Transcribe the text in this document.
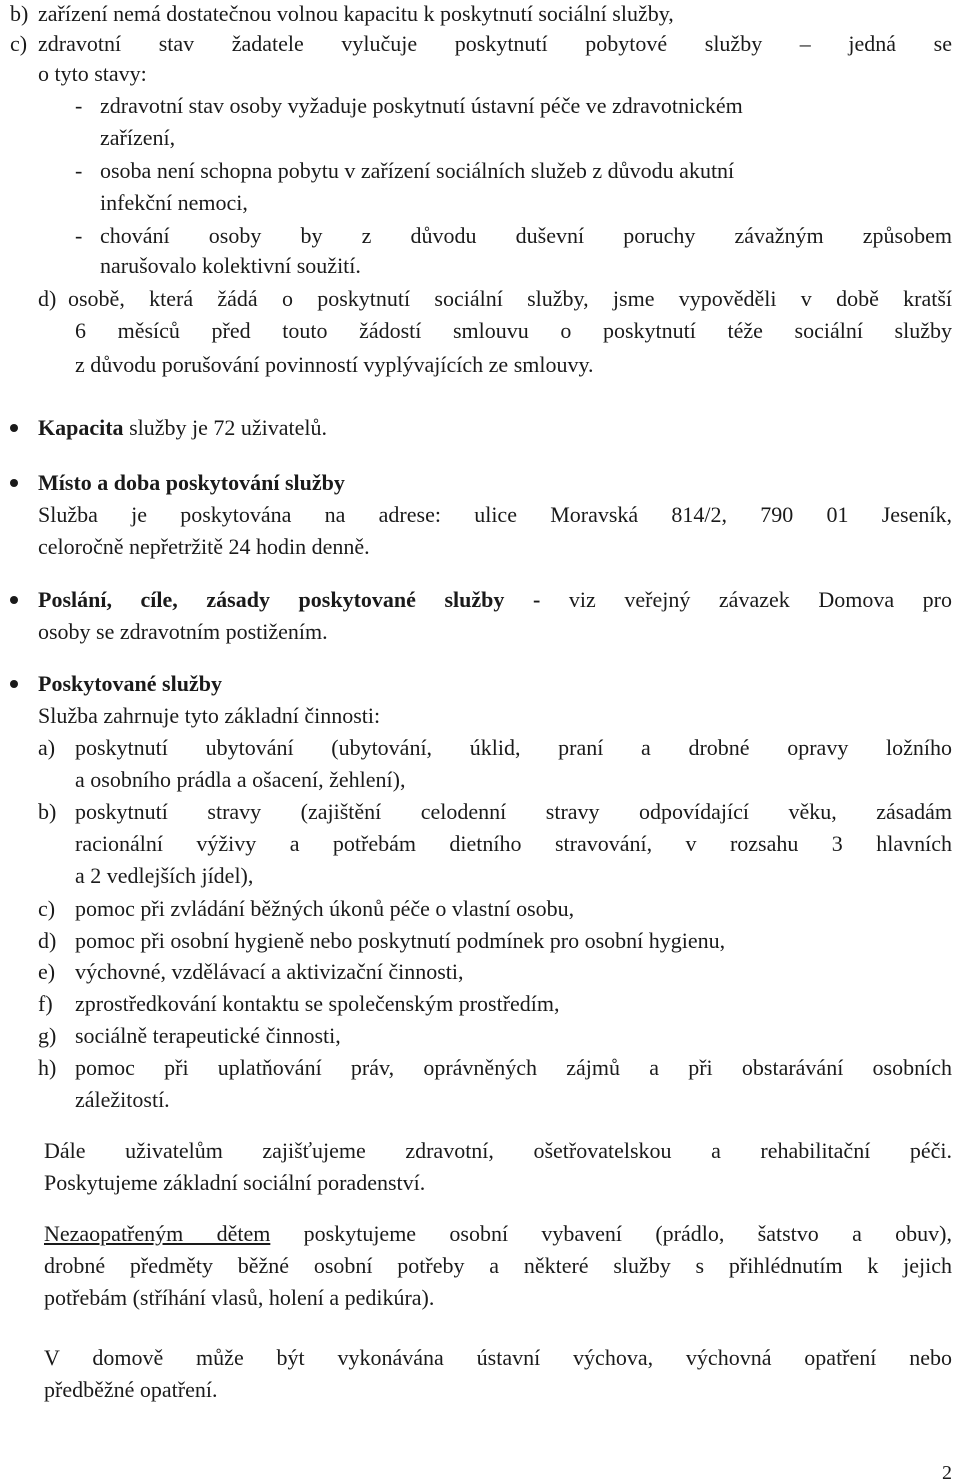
b) zařízení nemá dostatečnou volnou kapacitu k poskytnutí sociální služby,
c) zdravotní stav žadatele vylučuje poskytnutí pobytové služby – jedná se
o tyto stavy:
- zdravotní stav osoby vyžaduje poskytnutí ústavní péče ve zdravotnickém
zařízení,
- osoba není schopna pobytu v zařízení sociálních služeb z důvodu akutní
infekční nemoci,
- chování osoby by z důvodu duševní poruchy závažným způsobem
narušovalo kolektivní soužití.
d) osobě, která žádá o poskytnutí sociální služby, jsme vypověděli v době kratší
6 měsíců před touto žádostí smlouvu o poskytnutí téže sociální služby
z důvodu porušování povinností vyplývajících ze smlouvy.
Kapacita služby je 72 uživatelů.
Místo a doba poskytování služby
Služba je poskytována na adrese: ulice Moravská 814/2, 790 01 Jeseník,
celoročně nepřetržitě 24 hodin denně.
Poslání, cíle, zásady poskytované služby - viz veřejný závazek Domova pro
osoby se zdravotním postižením.
Poskytované služby
Služba zahrnuje tyto základní činnosti:
a) poskytnutí ubytování (ubytování, úklid, praní a drobné opravy ložního
a osobního prádla a ošacení, žehlení),
b) poskytnutí stravy (zajištění celodenní stravy odpovídající věku, zásadám
racionální výživy a potřebám dietního stravování, v rozsahu 3 hlavních
a 2 vedlejších jídel),
c) pomoc při zvládání běžných úkonů péče o vlastní osobu,
d) pomoc při osobní hygieně nebo poskytnutí podmínek pro osobní hygienu,
e) výchovné, vzdělávací a aktivizační činnosti,
f) zprostředkování kontaktu se společenským prostředím,
g) sociálně terapeutické činnosti,
h) pomoc při uplatňování práv, oprávněných zájmů a při obstarávání osobních
záležitostí.
Dále uživatelům zajišťujeme zdravotní, ošetřovatelskou a rehabilitační péči.
Poskytujeme základní sociální poradenství.
Nezaopatřeným dětem poskytujeme osobní vybavení (prádlo, šatstvo a obuv),
drobné předměty běžné osobní potřeby a některé služby s přihlédnutím k jejich
potřebám (stříhání vlasů, holení a pedikúra).
V domově může být vykonávána ústavní výchova, výchovná opatření nebo
předběžné opatření.
2
